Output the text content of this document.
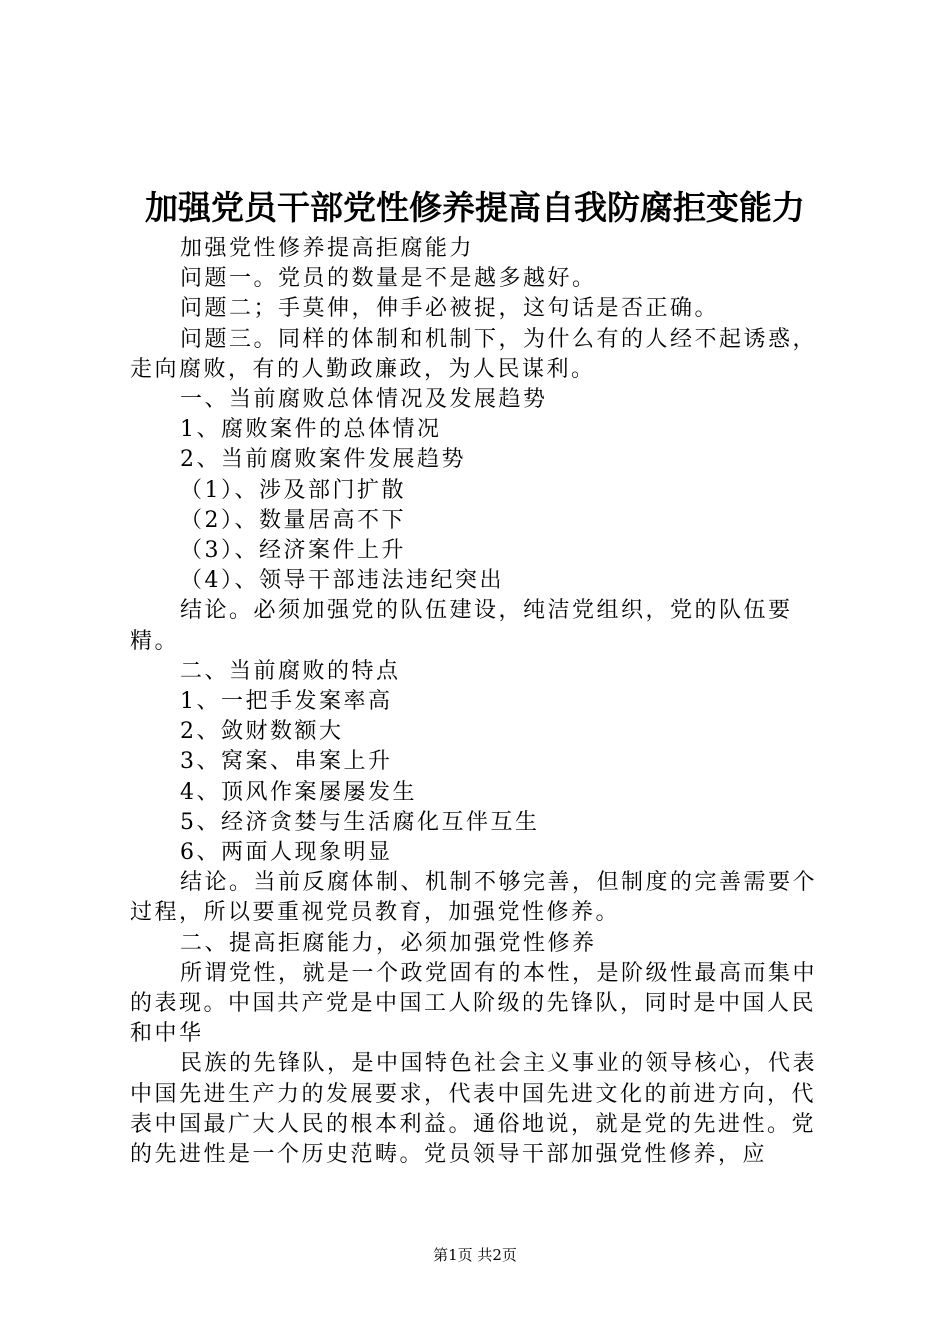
加强党员干部党性修养提高自我防腐拒变能力

加强党性修养提高拒腐能力

问题一。党员的数量是不是越多越好。

问题二；手莫伸，伸手必被捉，这句话是否正确。

问题三。同样的体制和机制下，为什么有的人经不起诱惑，走向腐败，有的人勤政廉政，为人民谋利。

一、当前腐败总体情况及发展趋势

1、腐败案件的总体情况

2、当前腐败案件发展趋势

（1）、涉及部门扩散

（2）、数量居高不下

（3）、经济案件上升

（4）、领导干部违法违纪突出

结论。必须加强党的队伍建设，纯洁党组织，党的队伍要精。

二、当前腐败的特点

1、一把手发案率高

2、敛财数额大

3、窝案、串案上升

4、顶风作案屡屡发生

5、经济贪婪与生活腐化互伴互生

6、两面人现象明显

结论。当前反腐体制、机制不够完善，但制度的完善需要个过程，所以要重视党员教育，加强党性修养。

二、提高拒腐能力，必须加强党性修养

所谓党性，就是一个政党固有的本性，是阶级性最高而集中的表现。中国共产党是中国工人阶级的先锋队，同时是中国人民和中华

民族的先锋队，是中国特色社会主义事业的领导核心，代表中国先进生产力的发展要求，代表中国先进文化的前进方向，代表中国最广大人民的根本利益。通俗地说，就是党的先进性。党的先进性是一个历史范畴。党员领导干部加强党性修养，应

第1页 共2页
